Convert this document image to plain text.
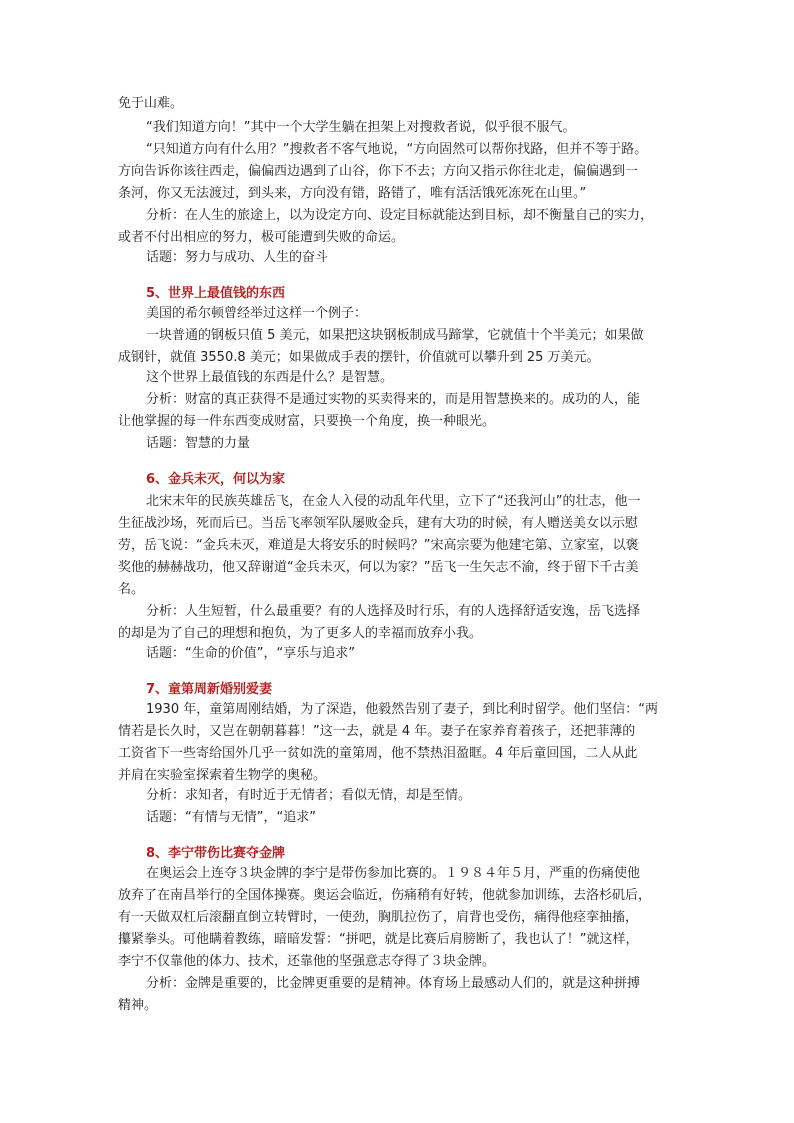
免于山难。
“我们知道方向！”其中一个大学生躺在担架上对搜救者说，似乎很不服气。
“只知道方向有什么用？”搜救者不客气地说，“方向固然可以帮你找路，但并不等于路。
方向告诉你该往西走，偏偏西边遇到了山谷，你下不去；方向又指示你往北走，偏偏遇到一
条河，你又无法渡过，到头来，方向没有错，路错了，唯有活活饿死冻死在山里。”
分析：在人生的旅途上，以为设定方向、设定目标就能达到目标，却不衡量自己的实力，
或者不付出相应的努力，极可能遭到失败的命运。
话题：努力与成功、人生的奋斗
5、世界上最值钱的东西
美国的希尔顿曾经举过这样一个例子：
一块普通的钢板只值 5 美元，如果把这块钢板制成马蹄掌，它就值十个半美元；如果做
成钢针，就值 3550.8 美元；如果做成手表的摆针，价值就可以攀升到 25 万美元。
这个世界上最值钱的东西是什么？是智慧。
分析：财富的真正获得不是通过实物的买卖得来的，而是用智慧换来的。成功的人，能
让他掌握的每一件东西变成财富，只要换一个角度，换一种眼光。
话题：智慧的力量
6、金兵未灭，何以为家
北宋末年的民族英雄岳飞，在金人入侵的动乱年代里，立下了“还我河山”的壮志，他一
生征战沙场，死而后已。当岳飞率领军队屡败金兵，建有大功的时候，有人赠送美女以示慰
劳，岳飞说：“金兵未灭，难道是大将安乐的时候吗？”宋高宗要为他建宅第、立家室，以褒
奖他的赫赫战功，他又辞谢道“金兵未灭，何以为家？”岳飞一生矢志不渝，终于留下千古美
名。
分析：人生短暂，什么最重要？有的人选择及时行乐，有的人选择舒适安逸，岳飞选择
的却是为了自己的理想和抱负，为了更多人的幸福而放弃小我。
话题：“生命的价值”，“享乐与追求”
7、童第周新婚别爱妻
1930 年，童第周刚结婚，为了深造，他毅然告别了妻子，到比利时留学。他们坚信：“两
情若是长久时，又岂在朝朝暮暮！”这一去，就是 4 年。妻子在家养育着孩子，还把菲薄的
工资省下一些寄给国外几乎一贫如洗的童第周，他不禁热泪盈眶。4 年后童回国，二人从此
并肩在实验室探索着生物学的奥秘。
分析：求知者，有时近于无情者；看似无情，却是至情。
话题：“有情与无情”，“追求”
8、李宁带伤比赛夺金牌
在奥运会上连夺３块金牌的李宁是带伤参加比赛的。１９８４年５月，严重的伤痛使他
放弃了在南昌举行的全国体操赛。奥运会临近，伤痛稍有好转，他就参加训练，去洛杉矶后，
有一天做双杠后滚翻直倒立转臂时，一使劲，胸肌拉伤了，肩背也受伤，痛得他痉挛抽搐，
攥紧拳头。可他瞒着教练，暗暗发誓：“拼吧，就是比赛后肩膀断了，我也认了！”就这样，
李宁不仅靠他的体力、技术，还靠他的坚强意志夺得了３块金牌。
分析：金牌是重要的，比金牌更重要的是精神。体育场上最感动人们的，就是这种拼搏
精神。
